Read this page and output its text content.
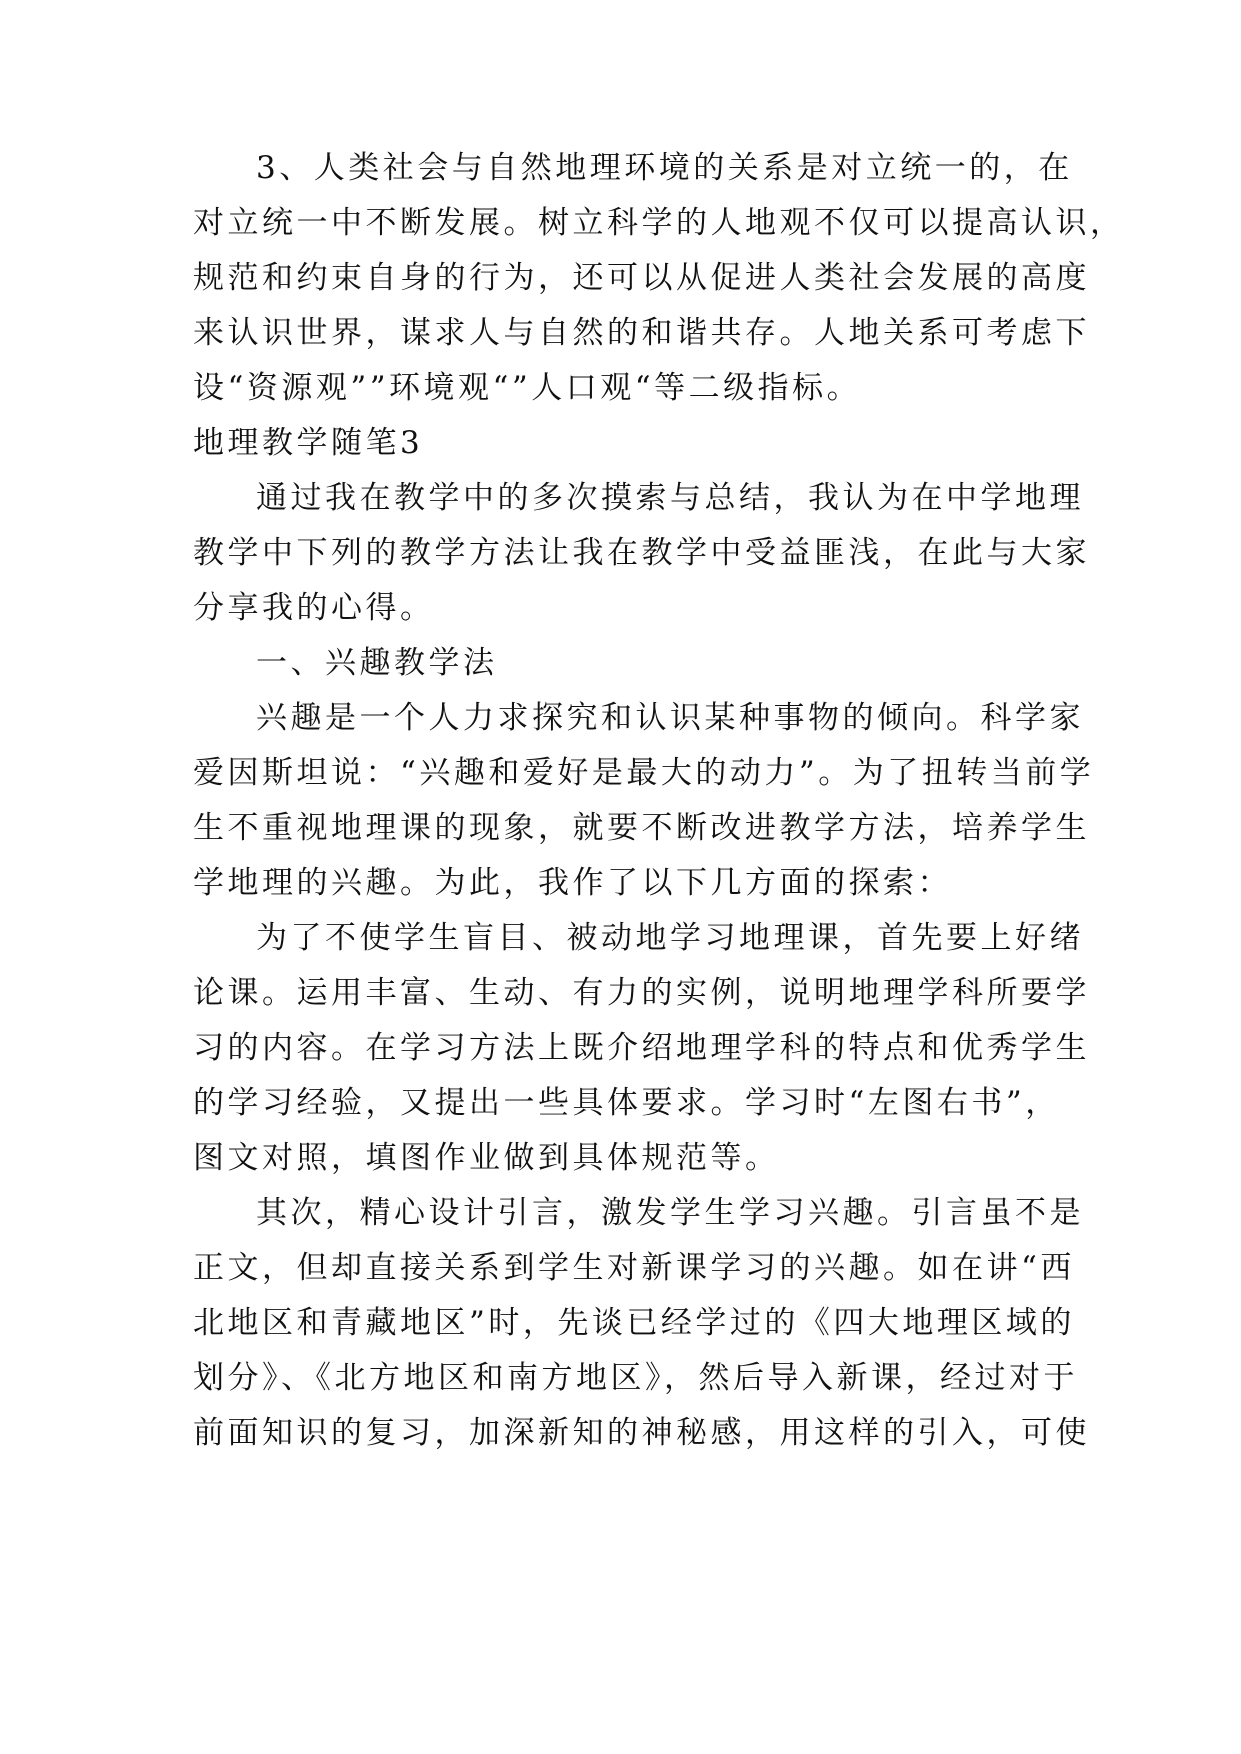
3、人类社会与自然地理环境的关系是对立统一的，在
对立统一中不断发展。树立科学的人地观不仅可以提高认识，
规范和约束自身的行为，还可以从促进人类社会发展的高度
来认识世界，谋求人与自然的和谐共存。人地关系可考虑下
设“资源观””环境观“”人口观“等二级指标。
地理教学随笔3
通过我在教学中的多次摸索与总结，我认为在中学地理
教学中下列的教学方法让我在教学中受益匪浅，在此与大家
分享我的心得。
一、兴趣教学法
兴趣是一个人力求探究和认识某种事物的倾向。科学家
爱因斯坦说：“兴趣和爱好是最大的动力”。为了扭转当前学
生不重视地理课的现象，就要不断改进教学方法，培养学生
学地理的兴趣。为此，我作了以下几方面的探索：
为了不使学生盲目、被动地学习地理课，首先要上好绪
论课。运用丰富、生动、有力的实例，说明地理学科所要学
习的内容。在学习方法上既介绍地理学科的特点和优秀学生
的学习经验，又提出一些具体要求。学习时“左图右书”，
图文对照，填图作业做到具体规范等。
其次，精心设计引言，激发学生学习兴趣。引言虽不是
正文，但却直接关系到学生对新课学习的兴趣。如在讲“西
北地区和青藏地区”时，先谈已经学过的《四大地理区域的
划分》、《北方地区和南方地区》，然后导入新课，经过对于
前面知识的复习，加深新知的神秘感，用这样的引入，可使
